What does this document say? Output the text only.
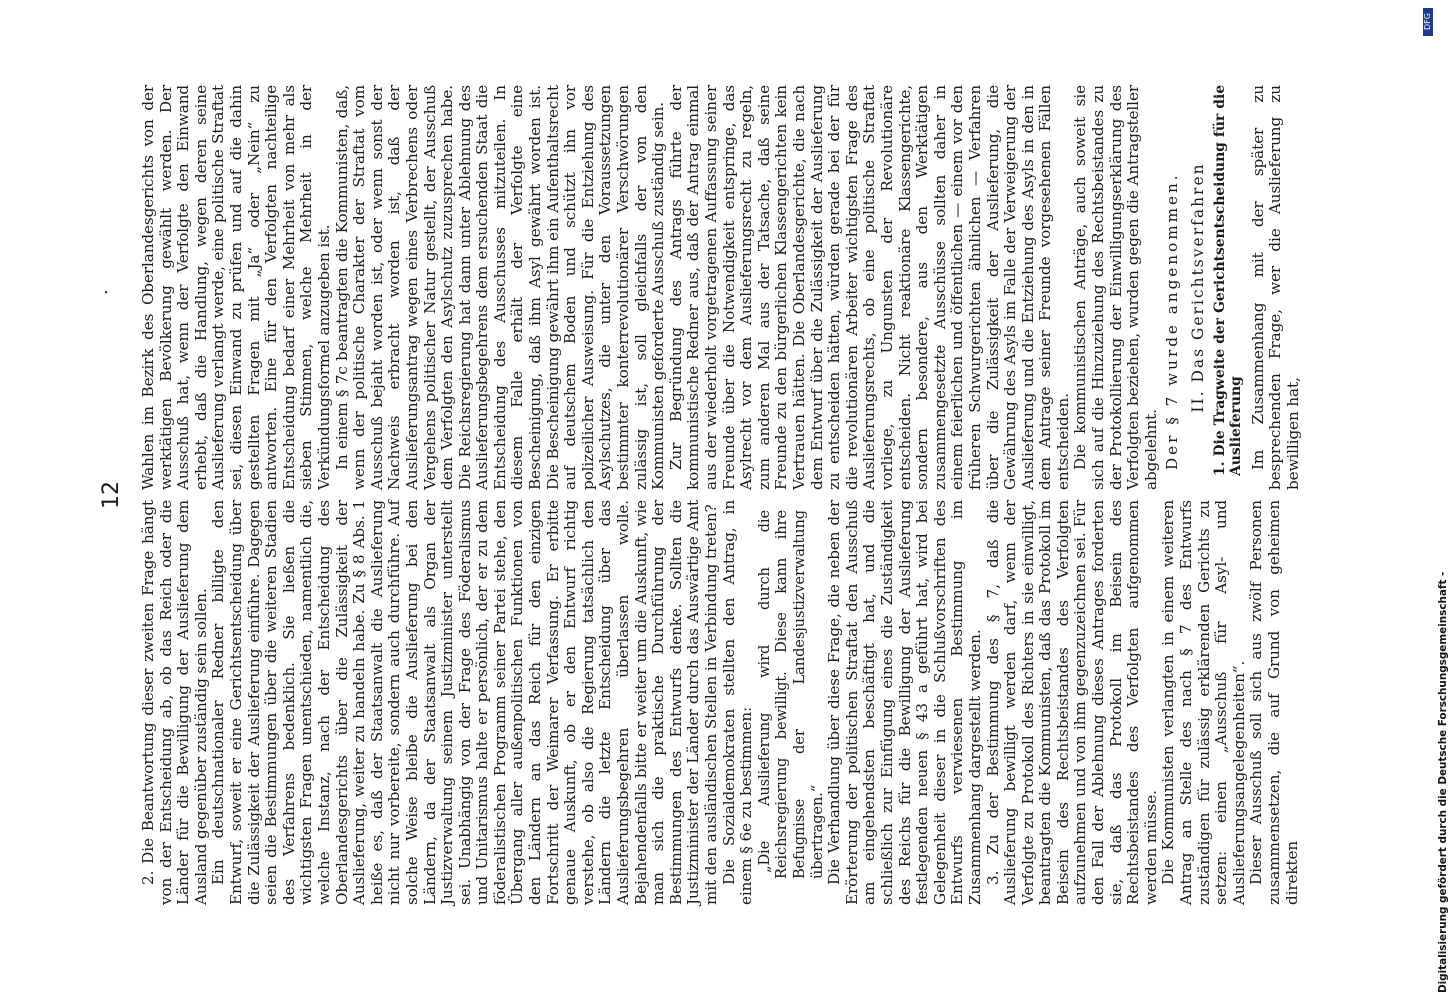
12
.

2. Die Beantwortung dieser zweiten Frage hängt von der Entscheidung ab, ob das Reich oder die Länder für die Bewilligung der Auslieferung dem Ausland gegenüber zuständig sein sollen. Ein deutschnationaler Redner billigte den Entwurf, soweit er eine Gerichtsentscheidung über die Zulässigkeit der Auslieferung einführe. Dagegen seien die Bestimmungen über die weiteren Stadien des Verfahrens bedenklich. Sie ließen die wichtigsten Fragen unentschieden, namentlich die, welche Instanz, nach der Entscheidung des Oberlandesgerichts über die Zulässigkeit der Auslieferung, weiter zu handeln habe. Zu § 8 Abs. 1 heiße es, daß der Staatsanwalt die Auslieferung nicht nur vorbereite, sondern auch durchführe. Auf solche Weise bleibe die Auslieferung bei den Ländern, da der Staatsanwalt als Organ der Justizverwaltung seinem Justizminister unterstellt sei. Unabhängig von der Frage des Föderalismus und Unitarismus halte er persönlich, der er zu dem föderalistischen Programm seiner Partei stehe, den Übergang aller außenpolitischen Funktionen von den Ländern an das Reich für den einzigen Fortschritt der Weimarer Verfassung. Er erbitte genaue Auskunft, ob er den Entwurf richtig verstehe, ob also die Regierung tatsächlich den Ländern die letzte Entscheidung über das Auslieferungsbegehren überlassen wolle. Bejahendenfalls bitte er weiter um die Auskunft, wie man sich die praktische Durchführung der Bestimmungen des Entwurfs denke. Sollten die Justizminister der Länder durch das Auswärtige Amt mit den ausländischen Stellen in Verbindung treten? Die Sozialdemokraten stellten den Antrag, in einem § 6e zu bestimmen: „Die Auslieferung wird durch die Reichsregierung bewilligt. Diese kann ihre Befugnisse der Landesjustizverwaltung übertragen.“ Die Verhandlung über diese Frage, die neben der Erörterung der politischen Straftat den Ausschuß am eingehendsten beschäftigt hat, und die schließlich zur Einfügung eines die Zuständigkeit des Reichs für die Bewilligung der Auslieferung festlegenden neuen § 43 a geführt hat, wird bei Gelegenheit dieser in die Schlußvorschriften des Entwurfs verwiesenen Bestimmung im Zusammenhang dargestellt werden. 3. Zu der Bestimmung des § 7, daß die Auslieferung bewilligt werden darf, wenn der Verfolgte zu Protokoll des Richters in sie einwilligt, beantragten die Kommunisten, daß das Protokoll im Beisein des Rechtsbeistandes des Verfolgten aufzunehmen und von ihm gegenzuzeichnen sei. Für den Fall der Ablehnung dieses Antrages forderten sie, daß das Protokoll im Beisein des Rechtsbeistandes des Verfolgten aufgenommen werden müsse. Die Kommunisten verlangten in einem weiteren Antrag an Stelle des nach § 7 des Entwurfs zuständigen für zulässig erklärenden Gerichts zu setzen: einen „Ausschuß für Asyl- und Auslieferungsangelegenheiten“. Dieser Ausschuß soll sich aus zwölf Personen zusammensetzen, die auf Grund von geheimen direkten

Wahlen im Bezirk des Oberlandesgerichts von der werktätigen Bevölkerung gewählt werden. Der Ausschuß hat, wenn der Verfolgte den Einwand erhebt, daß die Handlung, wegen deren seine Auslieferung verlangt werde, eine politische Straftat sei, diesen Einwand zu prüfen und auf die dahin gestellten Fragen mit „Ja“ oder „Nein“ zu antworten. Eine für den Verfolgten nachteilige Entscheidung bedarf einer Mehrheit von mehr als sieben Stimmen, welche Mehrheit in der Verkündungsformel anzugeben ist. In einem § 7c beantragten die Kommunisten, daß, wenn der politische Charakter der Straftat vom Ausschuß bejaht worden ist, oder wenn sonst der Nachweis erbracht worden ist, daß der Auslieferungsantrag wegen eines Verbrechens oder Vergehens politischer Natur gestellt, der Ausschuß dem Verfolgten den Asylschutz zuzusprechen habe. Die Reichsregierung hat dann unter Ablehnung des Auslieferungsbegehrens dem ersuchenden Staat die Entscheidung des Ausschusses mitzuteilen. In diesem Falle erhält der Verfolgte eine Bescheinigung, daß ihm Asyl gewährt worden ist. Die Bescheinigung gewährt ihm ein Aufenthaltsrecht auf deutschem Boden und schützt ihn vor polizeilicher Ausweisung. Für die Entziehung des Asylschutzes, die unter den Voraussetzungen bestimmter konterrevolutionärer Verschwörungen zulässig ist, soll gleichfalls der von den Kommunisten geforderte Ausschuß zuständig sein. Zur Begründung des Antrags führte der kommunistische Redner aus, daß der Antrag einmal aus der wiederholt vorgetragenen Auffassung seiner Freunde über die Notwendigkeit entspringe, das Asylrecht vor dem Auslieferungsrecht zu regeln, zum anderen Mal aus der Tatsache, daß seine Freunde zu den bürgerlichen Klassengerichten kein Vertrauen hätten. Die Oberlandesgerichte, die nach dem Entwurf über die Zulässigkeit der Auslieferung zu entscheiden hätten, würden gerade bei der für die revolutionären Arbeiter wichtigsten Frage des Auslieferungsrechts, ob eine politische Straftat vorliege, zu Ungunsten der Revolutionäre entscheiden. Nicht reaktionäre Klassengerichte, sondern besondere, aus den Werktätigen zusammengesetzte Ausschüsse sollten daher in einem feierlichen und öffentlichen — einem vor den früheren Schwurgerichten ähnlichen — Verfahren über die Zulässigkeit der Auslieferung, die Gewährung des Asyls im Falle der Verweigerung der Auslieferung und die Entziehung des Asyls in den in dem Antrage seiner Freunde vorgesehenen Fällen entscheiden. Die kommunistischen Anträge, auch soweit sie sich auf die Hinzuziehung des Rechtsbeistandes zu der Protokollierung der Einwilligungserklärung des Verfolgten beziehen, wurden gegen die Antragsteller abgelehnt. Der § 7 wurde angenommen. II. Das Gerichtsverfahren 1. Die Tragweite der Gerichtsentscheidung für die Auslieferung Im Zusammenhang mit der später zu besprechenden Frage, wer die Auslieferung zu bewilligen hat,

Digitalisierung gefördert durch die Deutsche Forschungsgemeinschaft -
DFG
